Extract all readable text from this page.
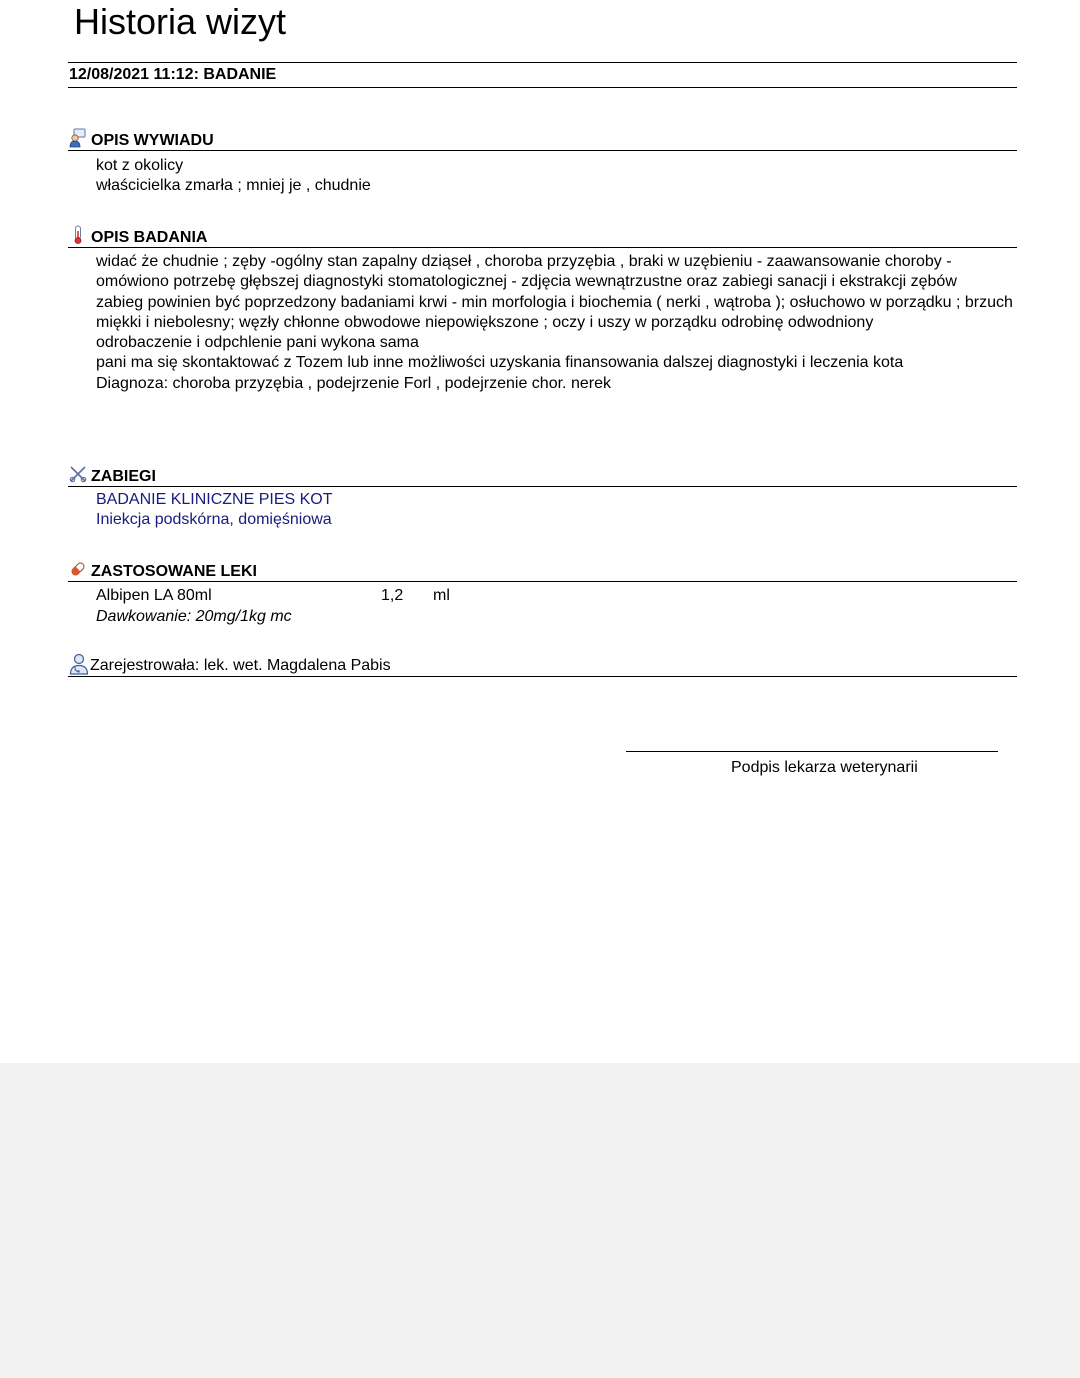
Historia wizyt
12/08/2021 11:12: BADANIE
OPIS WYWIADU
kot z okolicy
właścicielka zmarła ; mniej je , chudnie
OPIS BADANIA
widać że chudnie ; zęby -ogólny stan zapalny dziąseł , choroba przyzębia , braki w uzębieniu - zaawansowanie choroby - omówiono potrzebę głębszej diagnostyki stomatologicznej - zdjęcia wewnątrzustne oraz zabiegi sanacji i ekstrakcji zębów
zabieg powinien być poprzedzony badaniami krwi - min morfologia i biochemia ( nerki , wątroba ); osłuchowo w porządku ; brzuch miękki i niebolesny; węzły chłonne obwodowe niepowiększone ; oczy i uszy w porządku odrobinę odwodniony
odrobaczenie i odpchlenie pani wykona sama
pani ma się skontaktować z Tozem lub inne możliwości uzyskania finansowania dalszej diagnostyki i leczenia kota
Diagnoza: choroba przyzębia , podejrzenie Forl , podejrzenie chor. nerek
ZABIEGI
BADANIE KLINICZNE PIES KOT
Iniekcja podskórna, domięśniowa
ZASTOSOWANE LEKI
Albipen LA 80ml	1,2 ml
Dawkowanie: 20mg/1kg mc
Zarejestrowała: lek. wet. Magdalena Pabis
Podpis lekarza weterynarii
